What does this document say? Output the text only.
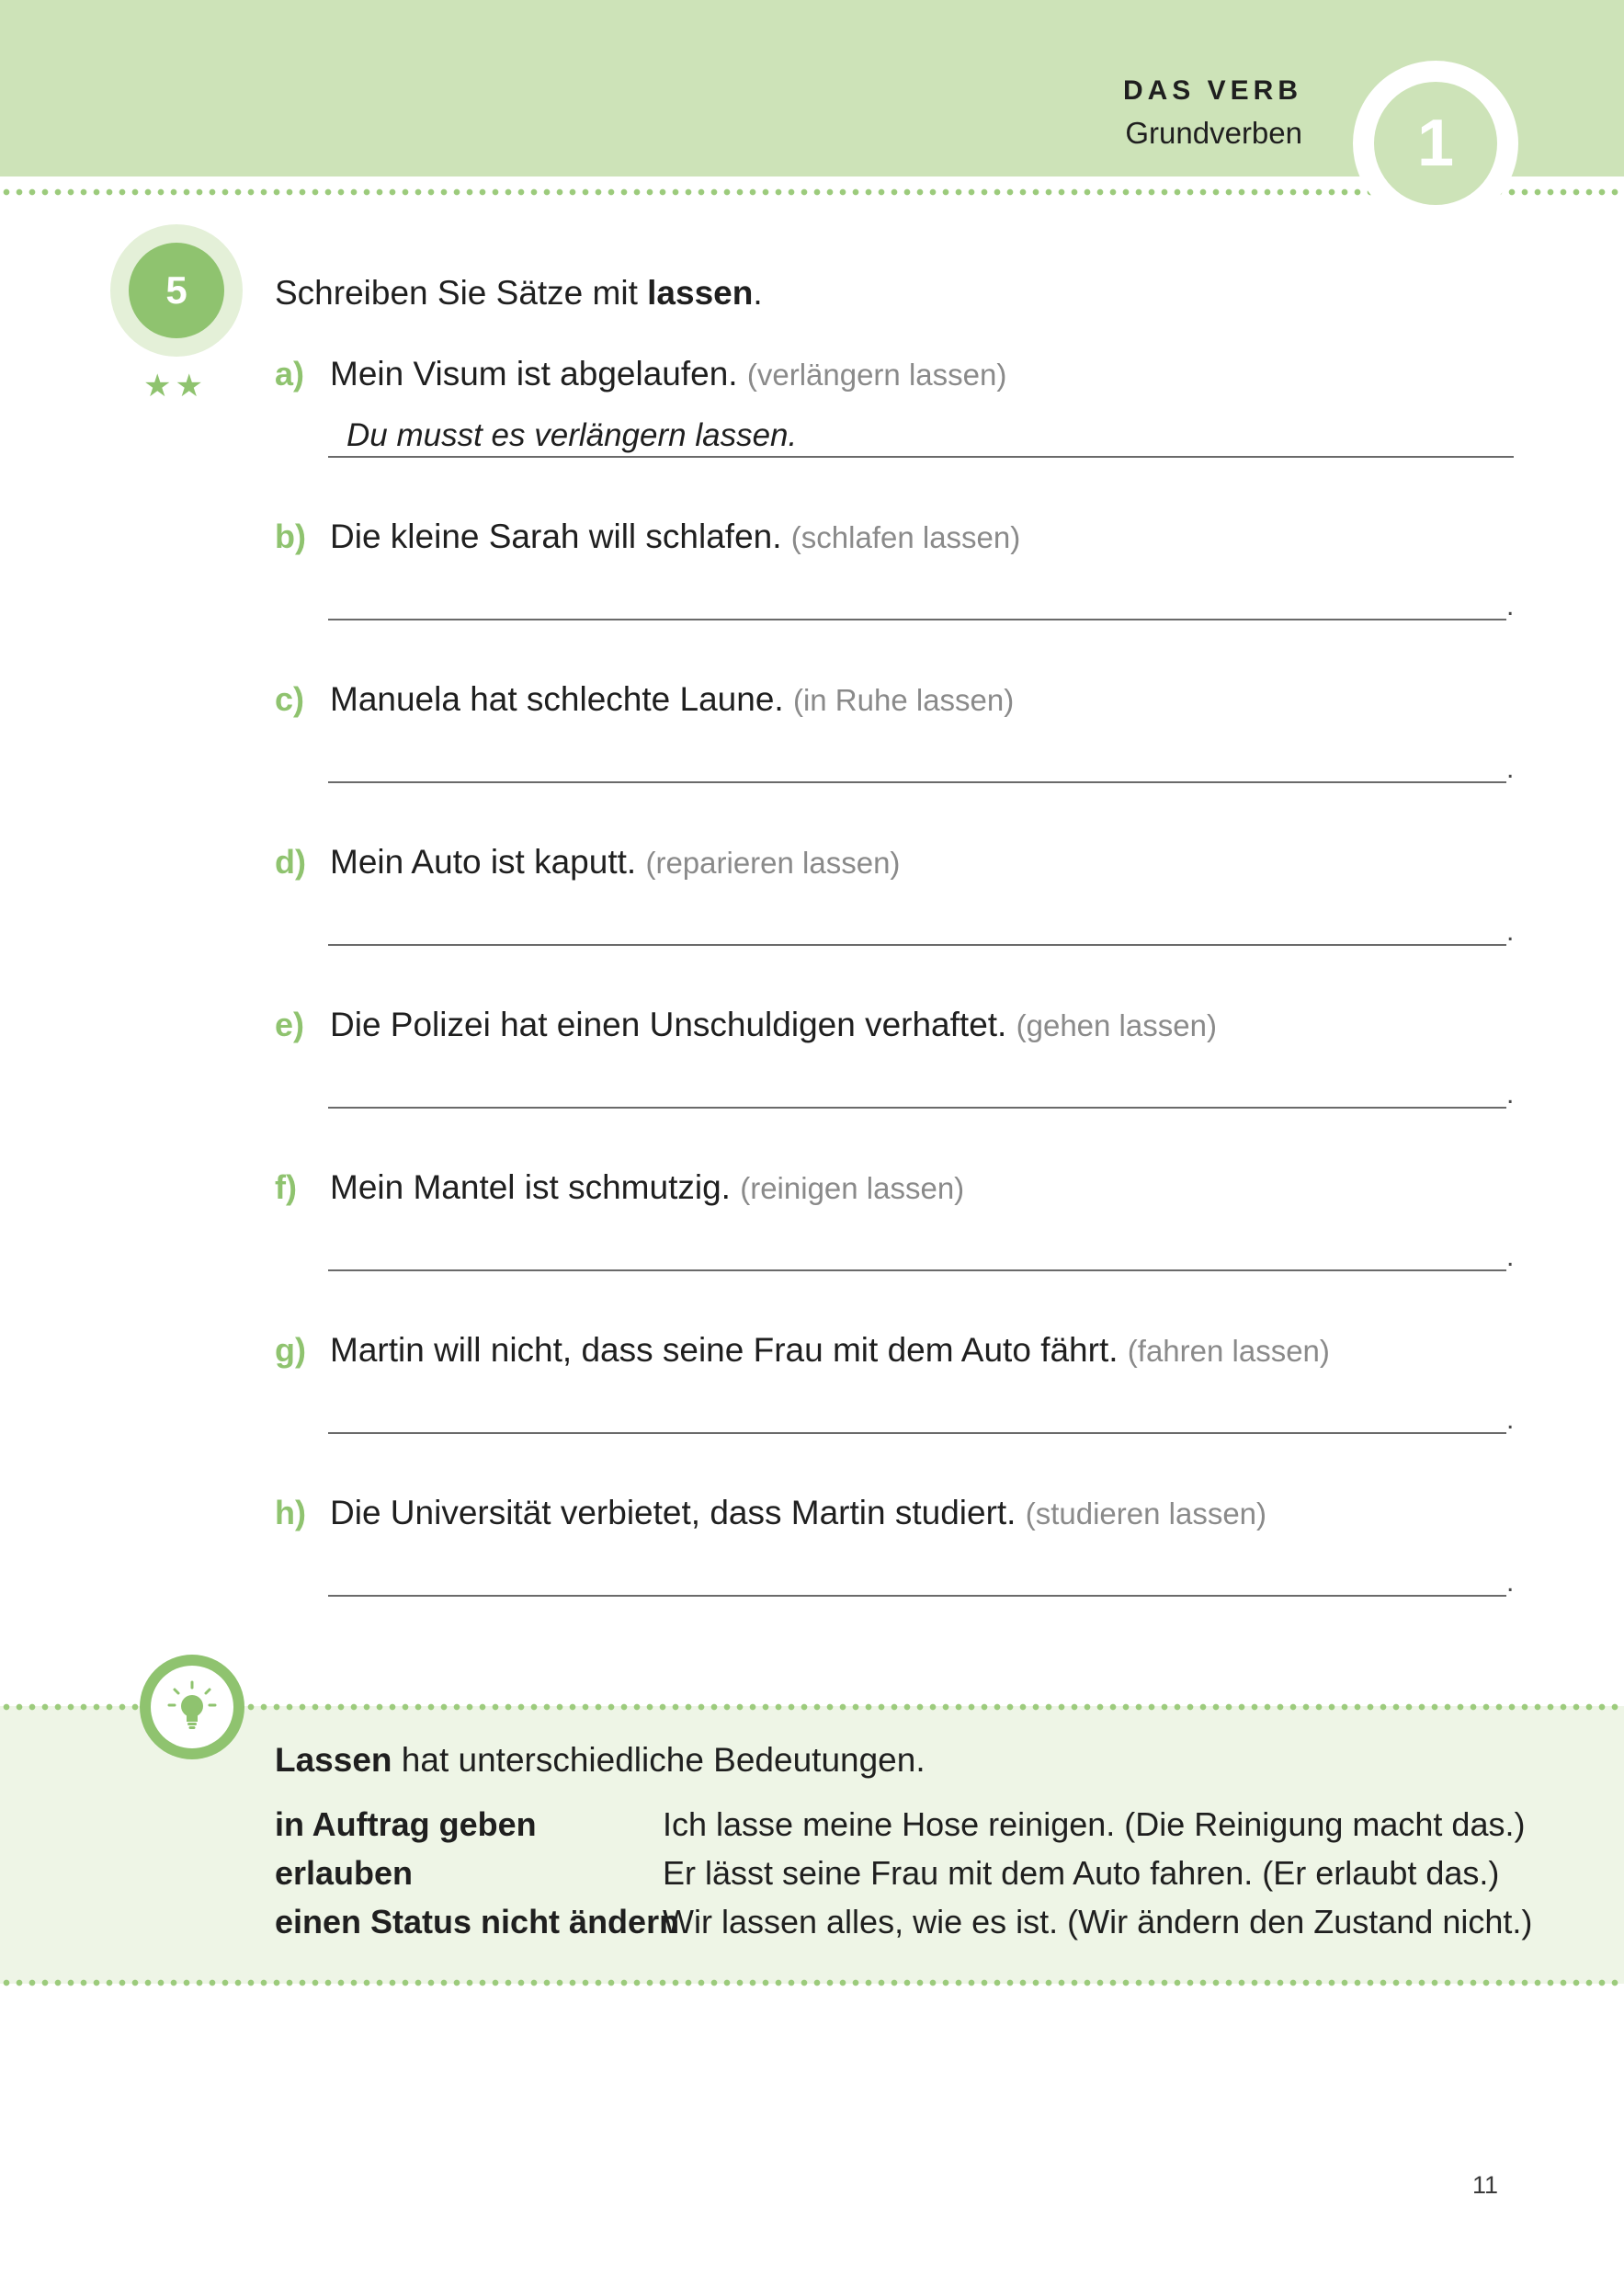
DAS VERB
Grundverben 1
5
★★
Schreiben Sie Sätze mit lassen.
a) Mein Visum ist abgelaufen. (verlängern lassen)
Du musst es verlängern lassen.
b) Die kleine Sarah will schlafen. (schlafen lassen)
.
c) Manuela hat schlechte Laune. (in Ruhe lassen)
.
d) Mein Auto ist kaputt. (reparieren lassen)
.
e) Die Polizei hat einen Unschuldigen verhaftet. (gehen lassen)
.
f) Mein Mantel ist schmutzig. (reinigen lassen)
.
g) Martin will nicht, dass seine Frau mit dem Auto fährt. (fahren lassen)
.
h) Die Universität verbietet, dass Martin studiert. (studieren lassen)
.
Lassen hat unterschiedliche Bedeutungen.
in Auftrag geben	Ich lasse meine Hose reinigen. (Die Reinigung macht das.)
erlauben	Er lässt seine Frau mit dem Auto fahren. (Er erlaubt das.)
einen Status nicht ändern
Wir lassen alles, wie es ist. (Wir ändern den Zustand nicht.)
11
